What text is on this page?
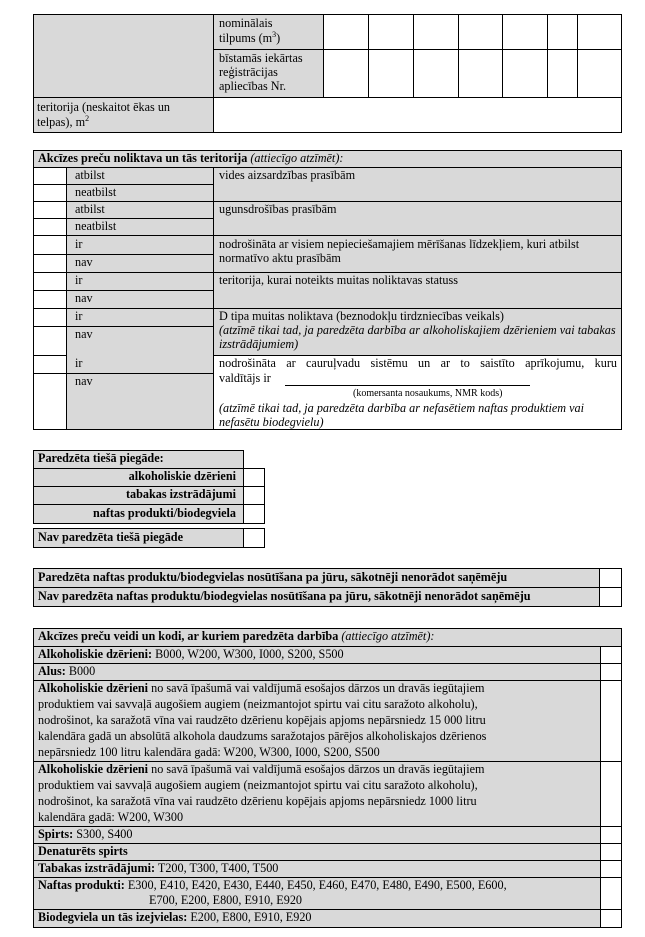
nominālais
tilpums $(m^3)$
bīstamās iekārtas
reģistrācijas
apliecības Nr.
teritorija (neskaitot ēkas un
telpas), $m^2$
Akcīzes preču noliktava un tās teritorija (attiecīgo atzīmēt):
atbilst
neatbilst
atbilst
neatbilst
ir
nav
ir
nav
ir
nav
ir
nav
vides aizsardzības prasībām
ugunsdrošības prasībām
nodrošināta ar visiem nepieciešamajiem mērīšanas līdzekļiem, kuri atbilst normatīvo aktu prasībām
teritorija, kurai noteikts muitas noliktavas statuss
D tipa muitas noliktava (beznodokļu tirdzniecības veikals)
(atzīmē tikai tad, ja paredzēta darbība ar alkoholiskajiem dzērieniem vai tabakas izstrādājumiem)
nodrošināta ar cauruļvadu sistēmu un ar to saistīto aprīkojumu, kuru
valdītājs ir
(komersanta nosaukums, NMR kods)
(atzīmē tikai tad, ja paredzēta darbība ar nefasētiem naftas produktiem vai nefasētu biodegvielu)
Paredzēta tiešā piegāde:
alkoholiskie dzērieni
tabakas izstrādājumi
naftas produkti/biodegviela
Nav paredzēta tiešā piegāde
Paredzēta naftas produktu/biodegvielas nosūtīšana pa jūru, sākotnēji nenorādot saņēmēju
Nav paredzēta naftas produktu/biodegvielas nosūtīšana pa jūru, sākotnēji nenorādot saņēmēju
Akcīzes preču veidi un kodi, ar kuriem paredzēta darbība (attiecīgo atzīmēt):
Alkoholiskie dzērieni: B000, W200, W300, I000, S200, S500
Alus: B000
Alkoholiskie dzērieni no savā īpašumā vai valdījumā esošajos dārzos un dravās iegūtajiem
produktiem vai savvaļā augošiem augiem (neizmantojot spirtu vai citu saražoto alkoholu),
nodrošinot, ka saražotā vīna vai raudzēto dzērienu kopējais apjoms nepārsniedz 15 000 litru
kalendāra gadā un absolūtā alkohola daudzums saražotajos pārējos alkoholiskajos dzērienos
nepārsniedz 100 litru kalendāra gadā: W200, W300, I000, S200, S500
Alkoholiskie dzērieni no savā īpašumā vai valdījumā esošajos dārzos un dravās iegūtajiem
produktiem vai savvaļā augošiem augiem (neizmantojot spirtu vai citu saražoto alkoholu),
nodrošinot, ka saražotā vīna vai raudzēto dzērienu kopējais apjoms nepārsniedz 1000 litru
kalendāra gadā: W200, W300
Spirts: S300, S400
Denaturēts spirts
Tabakas izstrādājumi: T200, T300, T400, T500
Naftas produkti: E300, E410, E420, E430, E440, E450, E460, E470, E480, E490, E500, E600,
E700, E200, E800, E910, E920
Biodegviela un tās izejvielas: E200, E800, E910, E920
